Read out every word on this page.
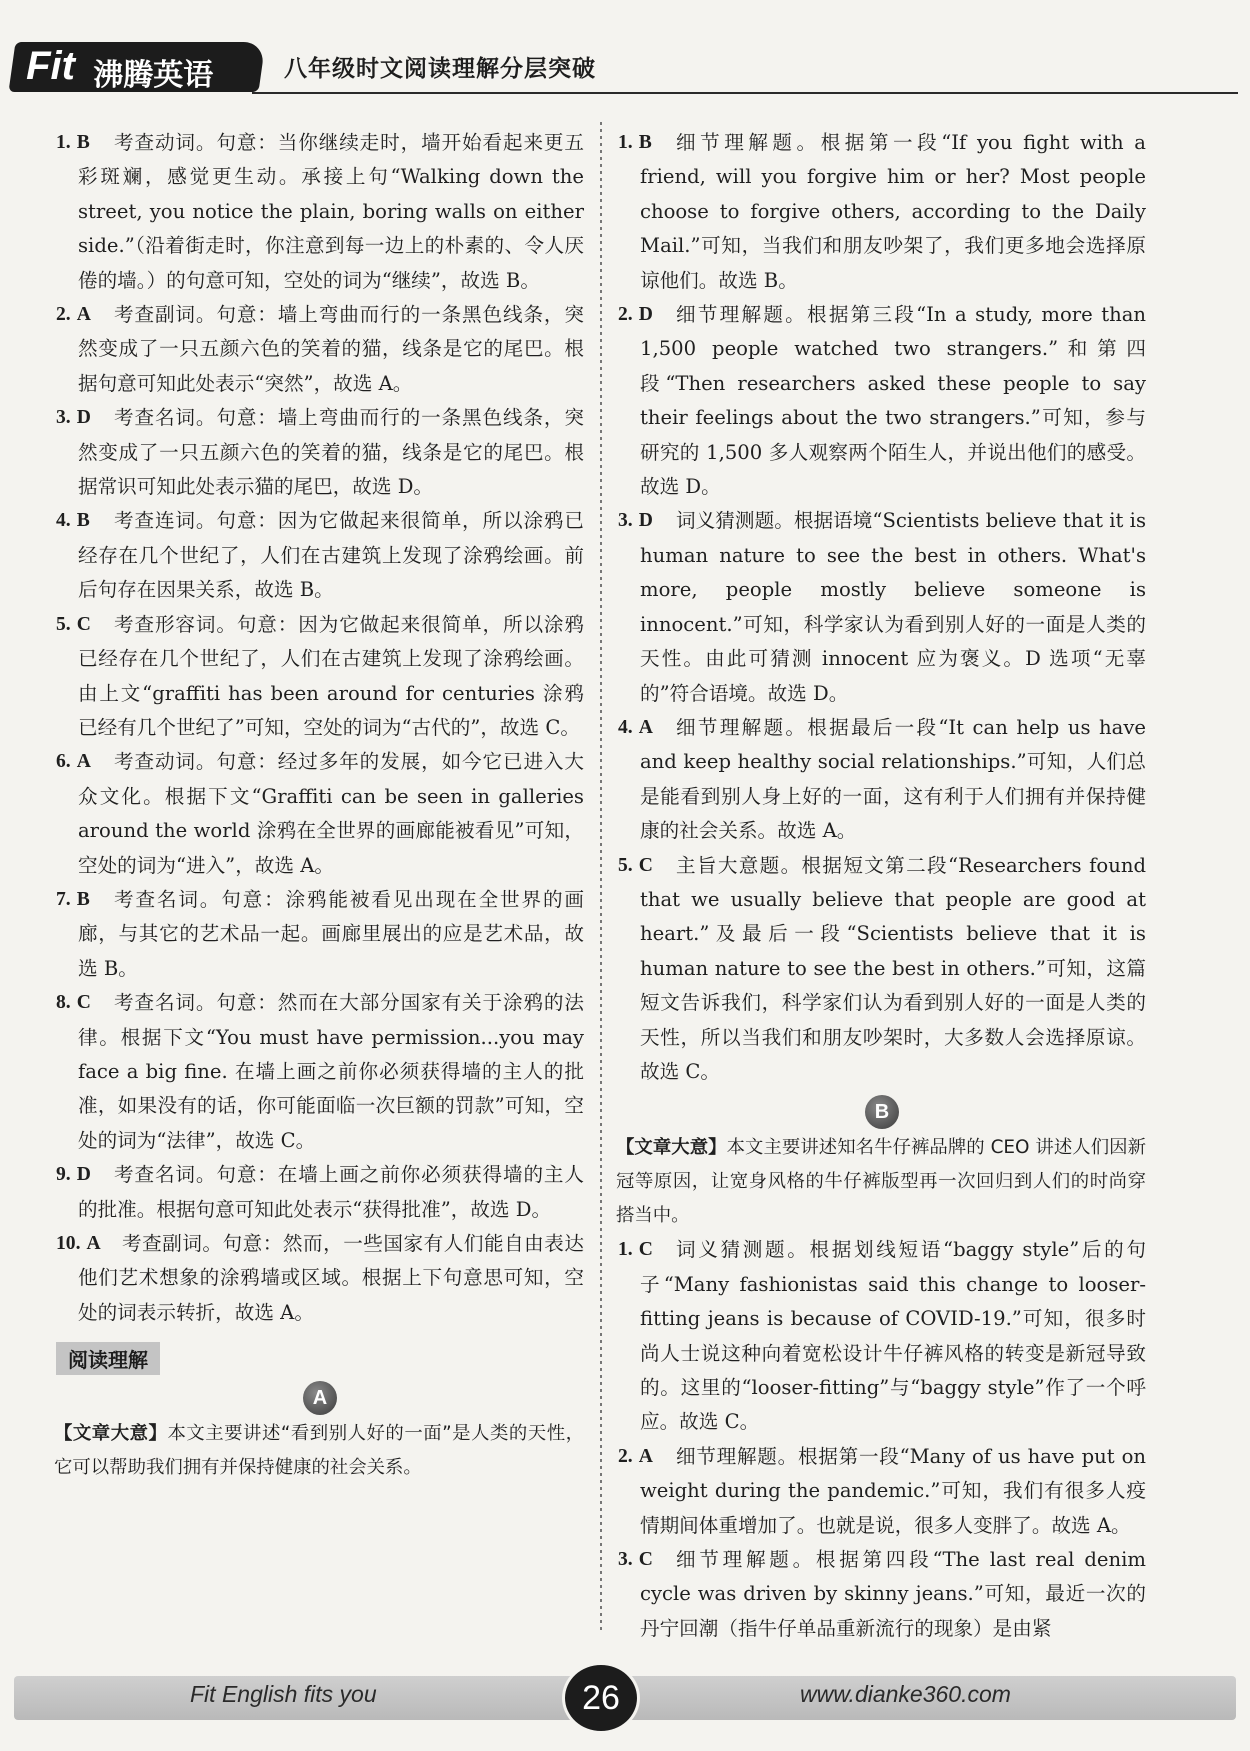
Fit 沸腾英语	八年级时文阅读理解分层突破
1. B	考查动词。句意：当你继续走时，墙开始看起来更五彩斑斓，感觉更生动。承接上句“Walking down the street, you notice the plain, boring walls on either side.”（沿着街走时，你注意到每一边上的朴素的、令人厌倦的墙。）的句意可知，空处的词为“继续”，故选 B。
2. A	考查副词。句意：墙上弯曲而行的一条黑色线条，突然变成了一只五颜六色的笑着的猫，线条是它的尾巴。根据句意可知此处表示“突然”，故选 A。
3. D	考查名词。句意：墙上弯曲而行的一条黑色线条，突然变成了一只五颜六色的笑着的猫，线条是它的尾巴。根据常识可知此处表示猫的尾巴，故选 D。
4. B	考查连词。句意：因为它做起来很简单，所以涂鸦已经存在几个世纪了，人们在古建筑上发现了涂鸦绘画。前后句存在因果关系，故选 B。
5. C	考查形容词。句意：因为它做起来很简单，所以涂鸦已经存在几个世纪了，人们在古建筑上发现了涂鸦绘画。由上文“graffiti has been around for centuries 涂鸦已经有几个世纪了”可知，空处的词为“古代的”，故选 C。
6. A	考查动词。句意：经过多年的发展，如今它已进入大众文化。根据下文“Graffiti can be seen in galleries around the world 涂鸦在全世界的画廊能被看见”可知，空处的词为“进入”，故选 A。
7. B	考查名词。句意：涂鸦能被看见出现在全世界的画廊，与其它的艺术品一起。画廊里展出的应是艺术品，故选 B。
8. C	考查名词。句意：然而在大部分国家有关于涂鸦的法律。根据下文“You must have permission...you may face a big fine. 在墙上画之前你必须获得墙的主人的批准，如果没有的话，你可能面临一次巨额的罚款”可知，空处的词为“法律”，故选 C。
9. D	考查名词。句意：在墙上画之前你必须获得墙的主人的批准。根据句意可知此处表示“获得批准”，故选 D。
10. A	考查副词。句意：然而，一些国家有人们能自由表达他们艺术想象的涂鸦墙或区域。根据上下句意思可知，空处的词表示转折，故选 A。
阅读理解
A
【文章大意】本文主要讲述“看到别人好的一面”是人类的天性，它可以帮助我们拥有并保持健康的社会关系。
1. B	细节理解题。根据第一段“If you fight with a friend, will you forgive him or her? Most people choose to forgive others, according to the Daily Mail.”可知，当我们和朋友吵架了，我们更多地会选择原谅他们。故选 B。
2. D	细节理解题。根据第三段“In a study, more than 1,500 people watched two strangers.”和第四段“Then researchers asked these people to say their feelings about the two strangers.”可知，参与研究的 1,500 多人观察两个陌生人，并说出他们的感受。故选 D。
3. D	词义猜测题。根据语境“Scientists believe that it is human nature to see the best in others. What's more, people mostly believe someone is innocent.”可知，科学家认为看到别人好的一面是人类的天性。由此可猜测 innocent 应为褒义。D 选项“无辜的”符合语境。故选 D。
4. A	细节理解题。根据最后一段“It can help us have and keep healthy social relationships.”可知，人们总是能看到别人身上好的一面，这有利于人们拥有并保持健康的社会关系。故选 A。
5. C	主旨大意题。根据短文第二段“Researchers found that we usually believe that people are good at heart.”及最后一段“Scientists believe that it is human nature to see the best in others.”可知，这篇短文告诉我们，科学家们认为看到别人好的一面是人类的天性，所以当我们和朋友吵架时，大多数人会选择原谅。故选 C。
B
【文章大意】本文主要讲述知名牛仔裤品牌的 CEO 讲述人们因新冠等原因，让宽身风格的牛仔裤版型再一次回归到人们的时尚穿搭当中。
1. C	词义猜测题。根据划线短语“baggy style”后的句子“Many fashionistas said this change to looser-fitting jeans is because of COVID-19.”可知，很多时尚人士说这种向着宽松设计牛仔裤风格的转变是新冠导致的。这里的“looser-fitting”与“baggy style”作了一个呼应。故选 C。
2. A	细节理解题。根据第一段“Many of us have put on weight during the pandemic.”可知，我们有很多人疫情期间体重增加了。也就是说，很多人变胖了。故选 A。
3. C	细节理解题。根据第四段“The last real denim cycle was driven by skinny jeans.”可知，最近一次的丹宁回潮（指牛仔单品重新流行的现象）是由紧
Fit English fits you	26	www.dianke360.com
